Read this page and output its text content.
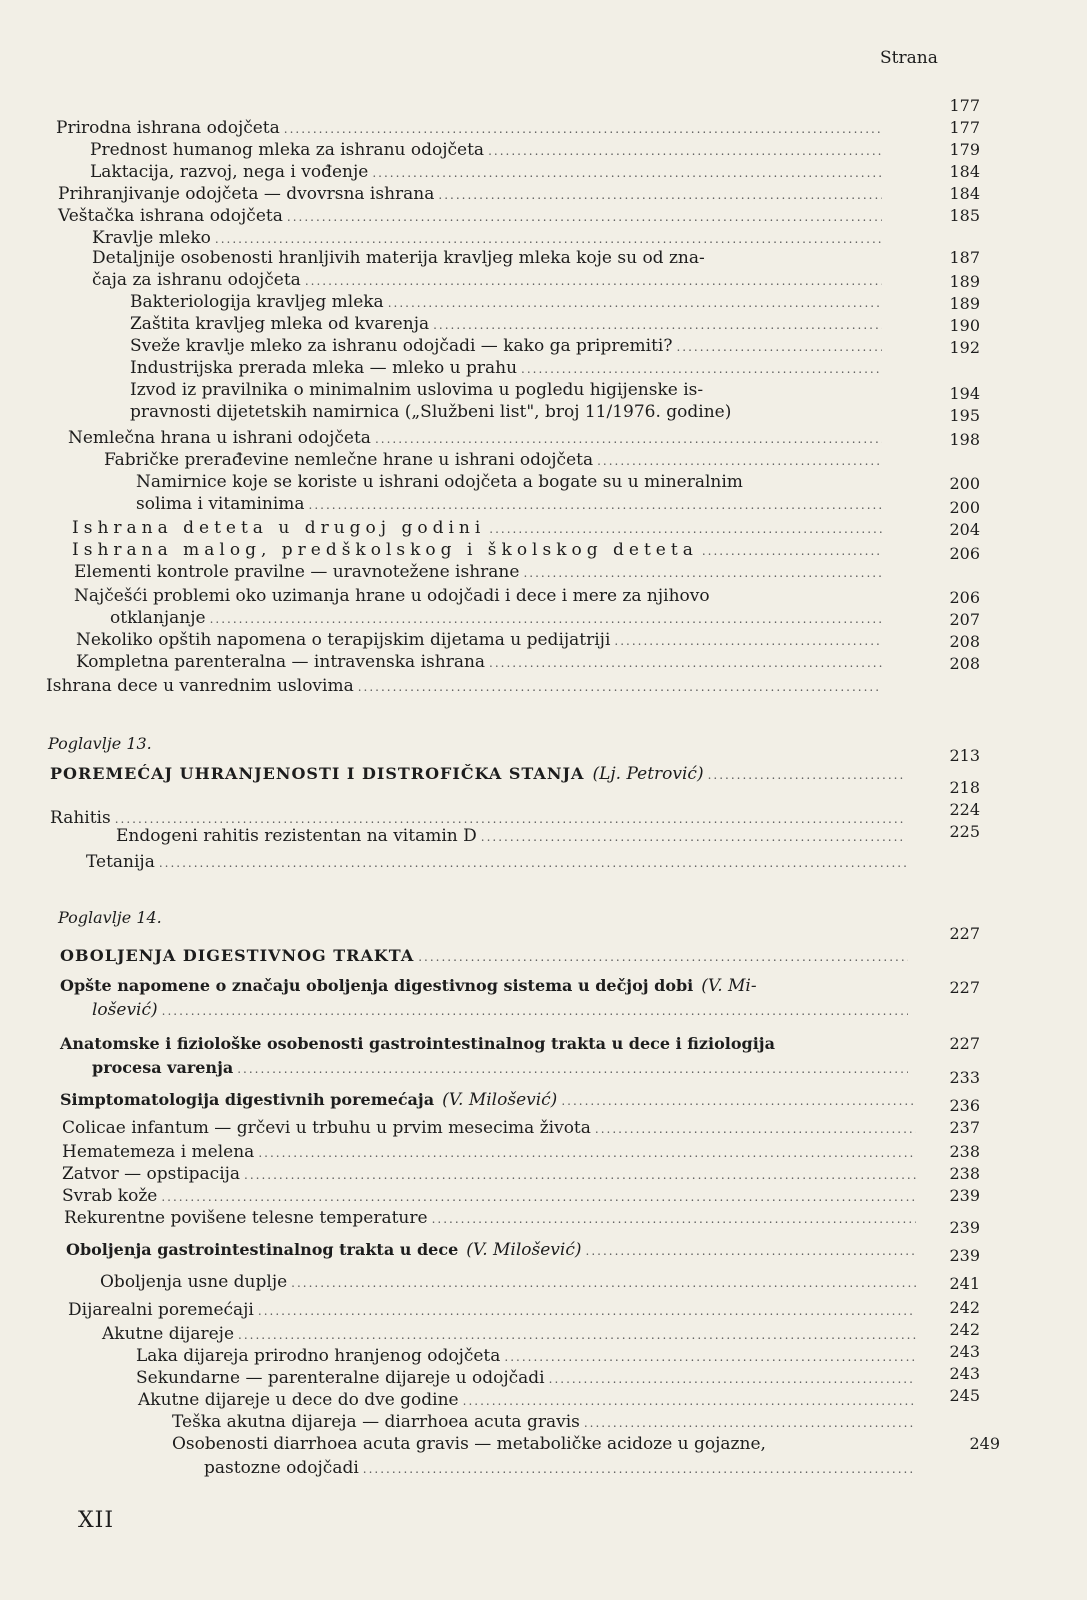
Strana
Prirodna ishrana odojčeta
.....
177
Prednost humanog mleka za ishranu odojčeta
.....
177
Laktacija, razvoj, nega i vođenje
.....
179
Prihranjivanje odojčeta — dvovrsna ishrana
.....
184
Veštačka ishrana odojčeta
.....
184
Kravlje mleko
.....
185
Detaljnije osobenosti hranljivih materija kravljeg mleka koje su od zna-
čaja za ishranu odojčeta
.....
187
Bakteriologija kravljeg mleka
.....
189
Zaštita kravljeg mleka od kvarenja
.....
189
Sveže kravlje mleko za ishranu odojčadi — kako ga pripremiti?
.....
190
Industrijska prerada mleka — mleko u prahu
.....
192
Izvod iz pravilnika o minimalnim uslovima u pogledu higijenske is-
pravnosti dijetetskih namirnica („Službeni list", broj 11/1976. godine)
194
Nemlečna hrana u ishrani odojčeta
.....
195
Fabričke prerađevine nemlečne hrane u ishrani odojčeta
.....
198
Namirnice koje se koriste u ishrani odojčeta a bogate su u mineralnim
solima i vitaminima
.....
200
Ishrana deteta u drugoj godini
.....
200
Ishrana malog, predškolskog i školskog deteta
.....
204
Elementi kontrole pravilne — uravnotežene ishrane
.....
206
Najčešći problemi oko uzimanja hrane u odojčadi i dece i mere za njihovo
otklanjanje
.....
206
Nekoliko opštih napomena o terapijskim dijetama u pedijatriji
.....
207
Kompletna parenteralna — intravenska ishrana
.....
208
Ishrana dece u vanrednim uslovima
.....
208
Poglavlje 13.
POREMEĆAJ UHRANJENOSTI I DISTROFIČKA STANJA (Lj. Petrović)
.....
213
Rahitis
.....
218
Endogeni rahitis rezistentan na vitamin D
.....
224
Tetanija
.....
225
Poglavlje 14.
OBOLJENJA DIGESTIVNOG TRAKTA
.....
227
Opšte napomene o značaju oboljenja digestivnog sistema u dečjoj dobi (V. Mi-
lošević)
.....
227
Anatomske i fiziološke osobenosti gastrointestinalnog trakta u dece i fiziologija
procesa varenja
.....
227
Simptomatologija digestivnih poremećaja (V. Milošević)
.....
233
Colicae infantum — grčevi u trbuhu u prvim mesecima života
.....
236
Hematemeza i melena
.....
237
Zatvor — opstipacija
.....
238
Svrab kože
.....
238
Rekurentne povišene telesne temperature
.....
239
Oboljenja gastrointestinalnog trakta u dece (V. Milošević)
.....
239
Oboljenja usne duplje
.....
239
Dijarealni poremećaji
.....
241
Akutne dijareje
.....
242
Laka dijareja prirodno hranjenog odojčeta
.....
242
Sekundarne — parenteralne dijareje u odojčadi
.....
243
Akutne dijareje u dece do dve godine
.....
243
Teška akutna dijareja — diarrhoea acuta gravis
.....
245
Osobenosti diarrhoea acuta gravis — metaboličke acidoze u gojazne,
pastozne odojčadi
.....
249
XII
